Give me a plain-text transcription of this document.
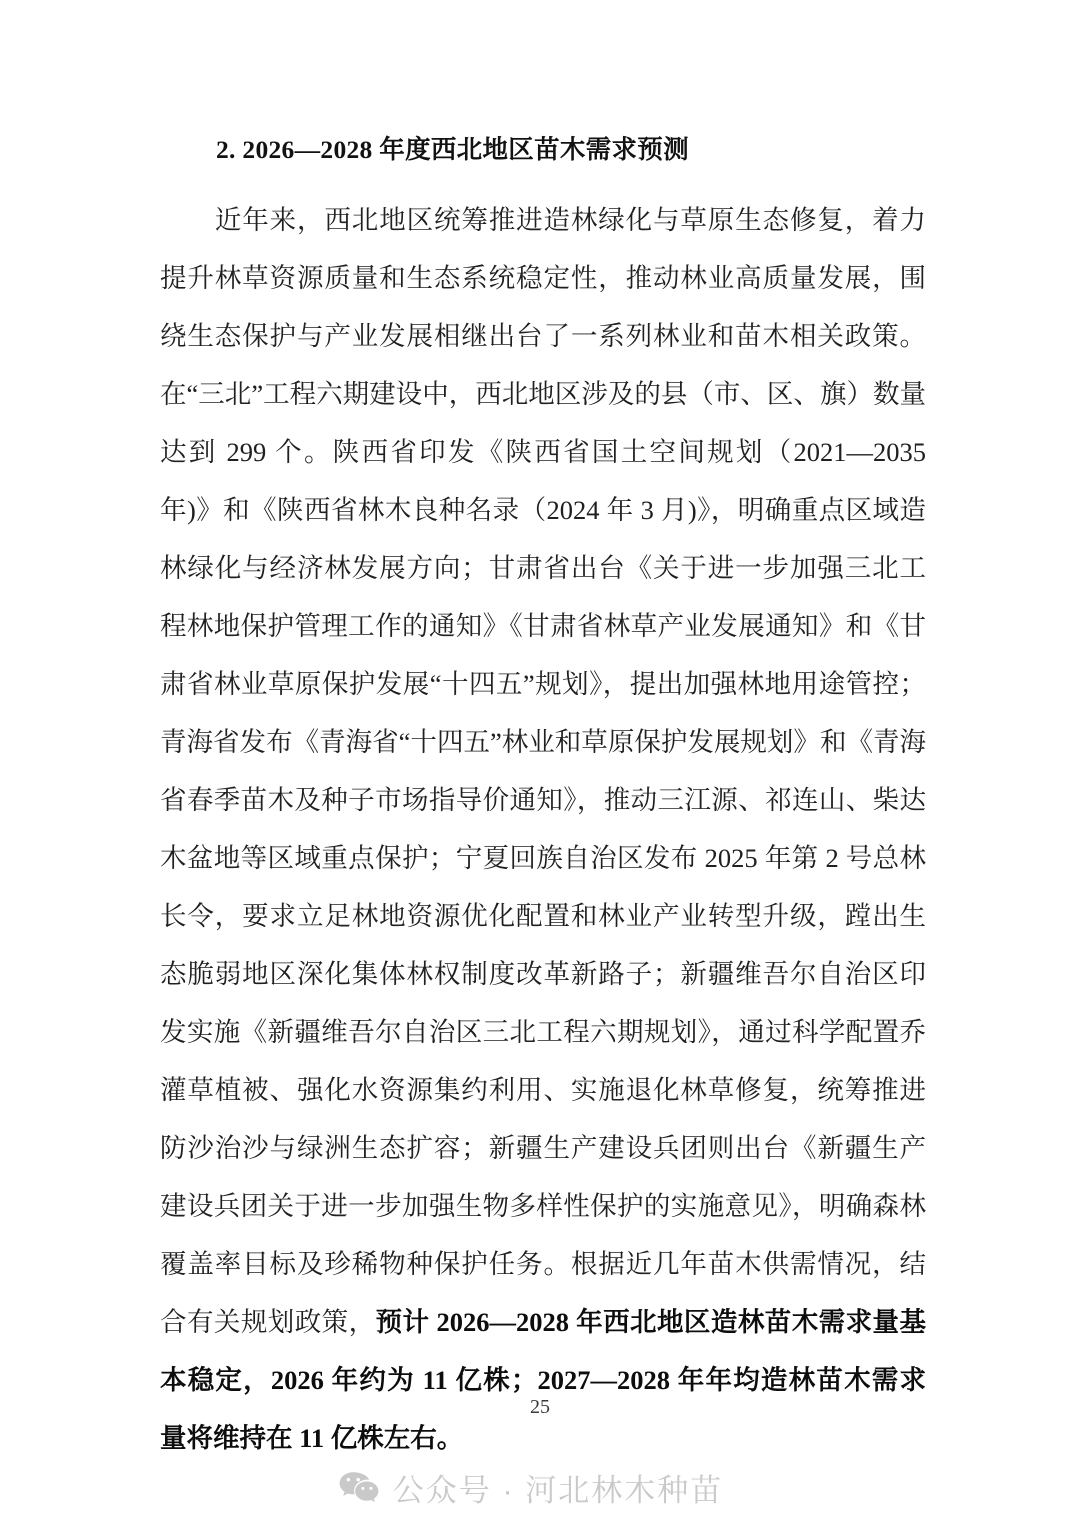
2. 2026—2028 年度西北地区苗木需求预测

近年来，西北地区统筹推进造林绿化与草原生态修复，着力提升林草资源质量和生态系统稳定性，推动林业高质量发展，围绕生态保护与产业发展相继出台了一系列林业和苗木相关政策。在“三北”工程六期建设中，西北地区涉及的县（市、区、旗）数量达到 299 个。陕西省印发《陕西省国土空间规划（2021—2035 年)》和《陕西省林木良种名录（2024 年 3 月)》，明确重点区域造林绿化与经济林发展方向；甘肃省出台《关于进一步加强三北工程林地保护管理工作的通知》《甘肃省林草产业发展通知》和《甘肃省林业草原保护发展“十四五”规划》，提出加强林地用途管控；青海省发布《青海省“十四五”林业和草原保护发展规划》和《青海省春季苗木及种子市场指导价通知》，推动三江源、祁连山、柴达木盆地等区域重点保护；宁夏回族自治区发布 2025 年第 2 号总林长令，要求立足林地资源优化配置和林业产业转型升级，蹚出生态脆弱地区深化集体林权制度改革新路子；新疆维吾尔自治区印发实施《新疆维吾尔自治区三北工程六期规划》，通过科学配置乔灌草植被、强化水资源集约利用、实施退化林草修复，统筹推进防沙治沙与绿洲生态扩容；新疆生产建设兵团则出台《新疆生产建设兵团关于进一步加强生物多样性保护的实施意见》，明确森林覆盖率目标及珍稀物种保护任务。根据近几年苗木供需情况，结合有关规划政策，预计 2026—2028 年西北地区造林苗木需求量基本稳定，2026 年约为 11 亿株；2027—2028 年年均造林苗木需求量将维持在 11 亿株左右。

25
公众号 · 河北林木种苗
